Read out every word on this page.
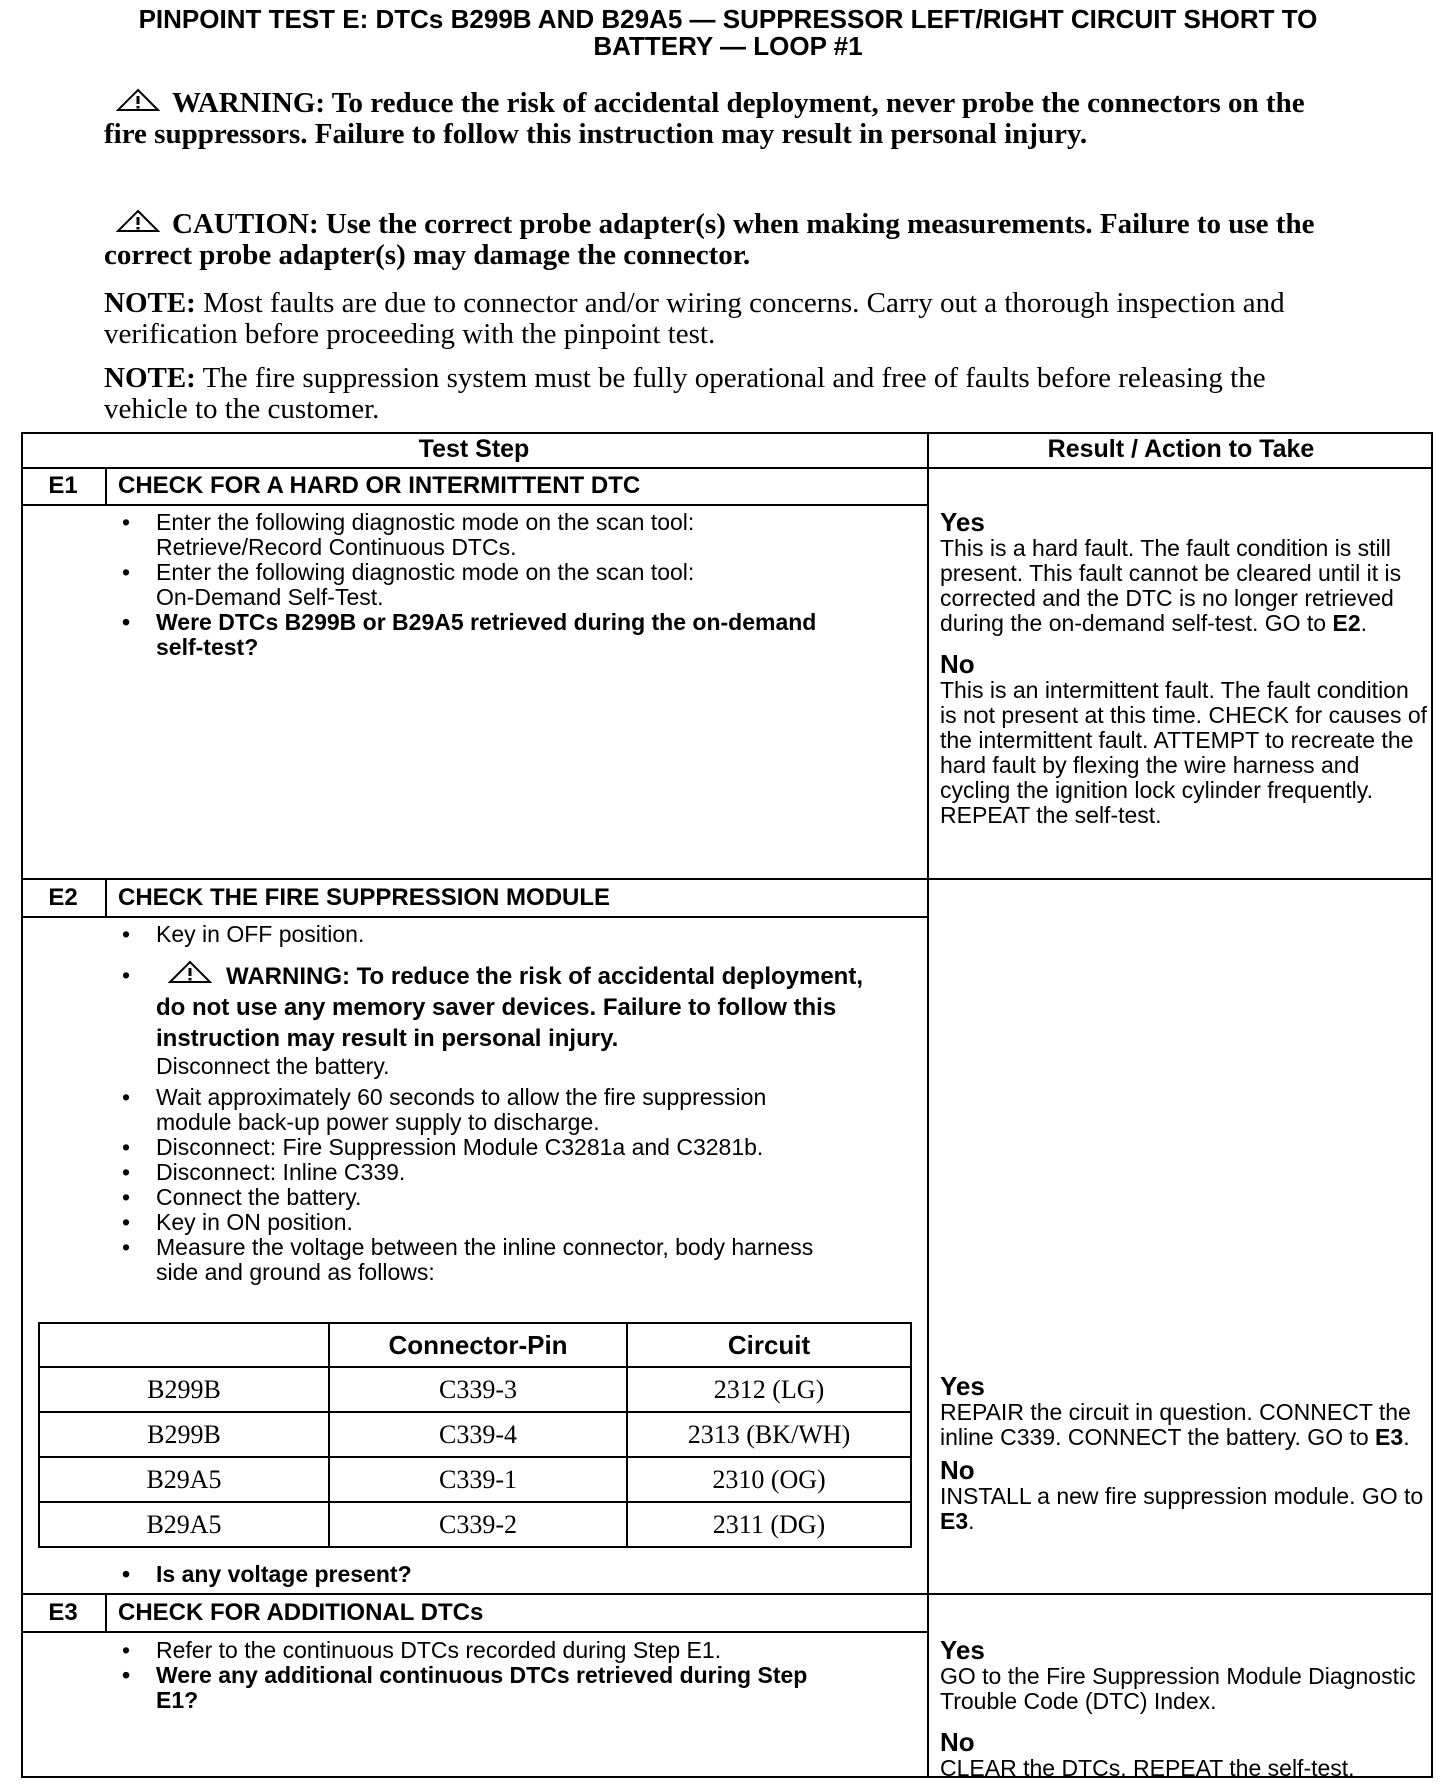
PINPOINT TEST E: DTCs B299B AND B29A5 — SUPPRESSOR LEFT/RIGHT CIRCUIT SHORT TO
BATTERY — LOOP #1
WARNING: To reduce the risk of accidental deployment, never probe the connectors on the fire suppressors. Failure to follow this instruction may result in personal injury.
CAUTION: Use the correct probe adapter(s) when making measurements. Failure to use the correct probe adapter(s) may damage the connector.
NOTE: Most faults are due to connector and/or wiring concerns. Carry out a thorough inspection and verification before proceeding with the pinpoint test.
NOTE: The fire suppression system must be fully operational and free of faults before releasing the vehicle to the customer.
Test Step	Result / Action to Take
E1	CHECK FOR A HARD OR INTERMITTENT DTC
• Enter the following diagnostic mode on the scan tool:
Retrieve/Record Continuous DTCs.
• Enter the following diagnostic mode on the scan tool:
On-Demand Self-Test.
• Were DTCs B299B or B29A5 retrieved during the on-demand
self-test?
Yes

This is a hard fault. The fault condition is still present. This fault cannot be cleared until it is corrected and the DTC is no longer retrieved during the on-demand self-test. GO to E2.

No

This is an intermittent fault. The fault condition is not present at this time. CHECK for causes of the intermittent fault. ATTEMPT to recreate the hard fault by flexing the wire harness and cycling the ignition lock cylinder frequently. REPEAT the self-test.

E2	CHECK THE FIRE SUPPRESSION MODULE
• Key in OFF position.
•	WARNING: To reduce the risk of accidental deployment, do not use any memory saver devices. Failure to follow this instruction may result in personal injury.
Disconnect the battery.
• Wait approximately 60 seconds to allow the fire suppression
module back-up power supply to discharge.
• Disconnect: Fire Suppression Module C3281a and C3281b.
• Disconnect: Inline C339.
• Connect the battery.
• Key in ON position.
• Measure the voltage between the inline connector, body harness
side and ground as follows:
	Connector-Pin	Circuit
B299B	C339-3	2312 (LG)
B299B	C339-4	2313 (BK/WH)
B29A5	C339-1	2310 (OG)
B29A5	C339-2	2311 (DG)
• Is any voltage present?
Yes

REPAIR the circuit in question. CONNECT the inline C339. CONNECT the battery. GO to E3.

No

INSTALL a new fire suppression module. GO to E3.

E3	CHECK FOR ADDITIONAL DTCs
• Refer to the continuous DTCs recorded during Step E1.
• Were any additional continuous DTCs retrieved during Step
E1?
Yes

GO to the Fire Suppression Module Diagnostic Trouble Code (DTC) Index.

No

CLEAR the DTCs. REPEAT the self-test.
